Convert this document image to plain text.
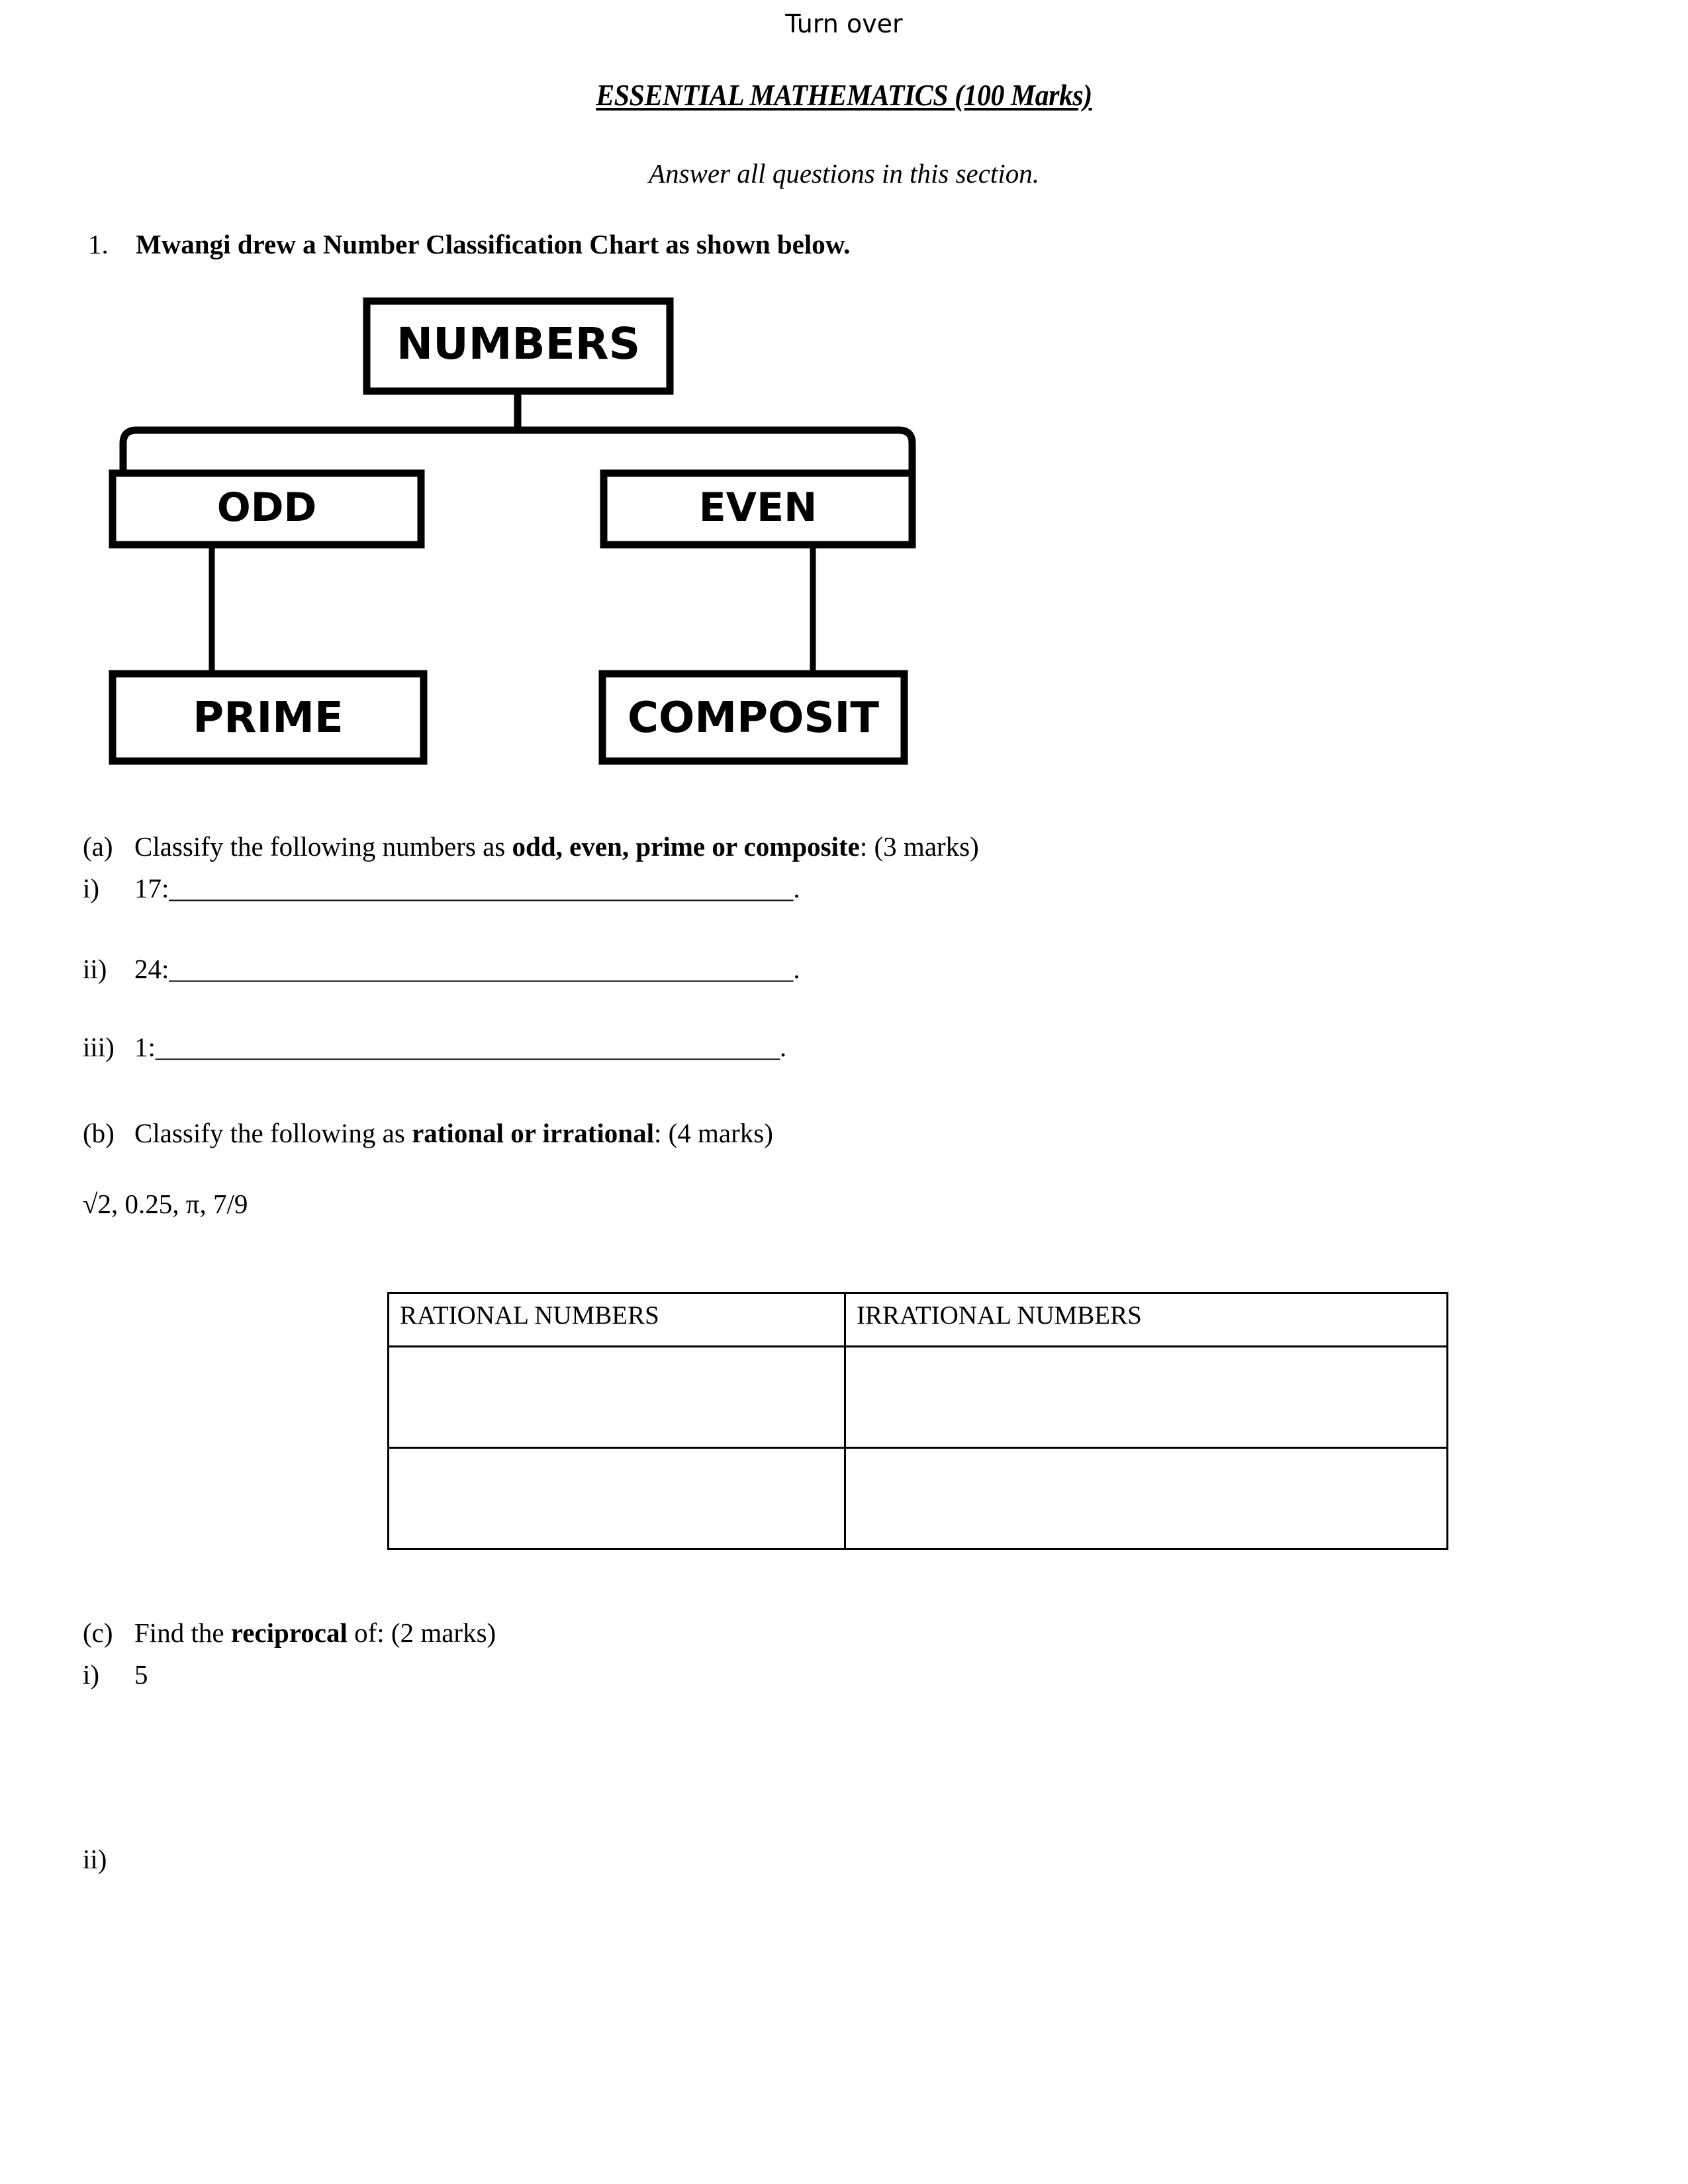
Turn over
ESSENTIAL MATHEMATICS (100 Marks)
Answer all questions in this section.
1. Mwangi drew a Number Classification Chart as shown below.
NUMBERS
ODD	EVEN
PRIME	COMPOSIT
(a) Classify the following numbers as odd, even, prime or composite: (3 marks)
i) 17:______________________________________________.
ii) 24:______________________________________________.
iii) 1:______________________________________________.
(b) Classify the following as rational or irrational: (4 marks)
√2, 0.25, π, 7/9
RATIONAL NUMBERS	IRRATIONAL NUMBERS

(c) Find the reciprocal of: (2 marks)
i) 5
ii)
